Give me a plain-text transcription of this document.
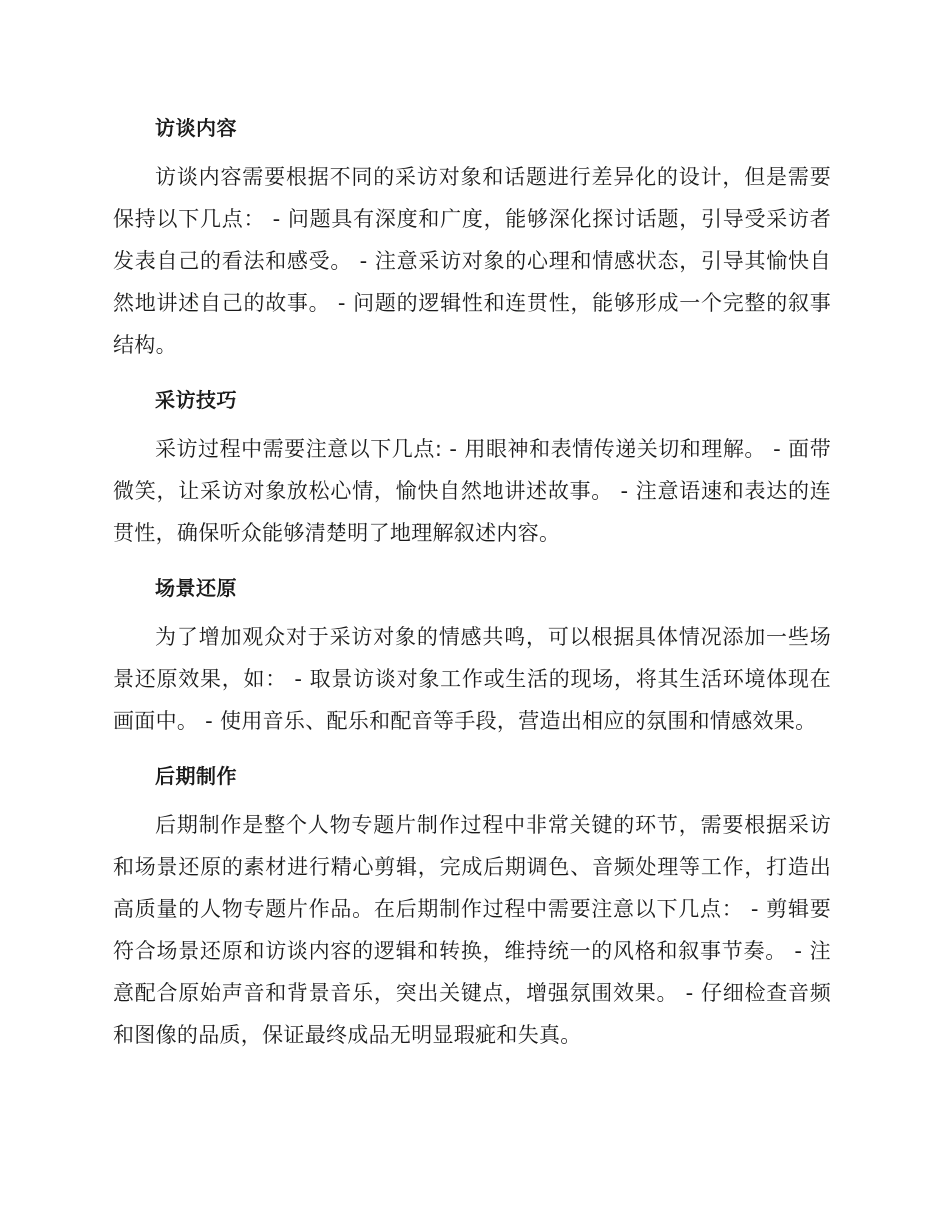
访谈内容

访谈内容需要根据不同的采访对象和话题进行差异化的设计，但是需要保持以下几点： - 问题具有深度和广度，能够深化探讨话题，引导受采访者发表自己的看法和感受。 - 注意采访对象的心理和情感状态，引导其愉快自然地讲述自己的故事。 - 问题的逻辑性和连贯性，能够形成一个完整的叙事结构。

采访技巧

采访过程中需要注意以下几点: - 用眼神和表情传递关切和理解。 - 面带微笑，让采访对象放松心情，愉快自然地讲述故事。 - 注意语速和表达的连贯性，确保听众能够清楚明了地理解叙述内容。

场景还原

为了增加观众对于采访对象的情感共鸣，可以根据具体情况添加一些场景还原效果，如： - 取景访谈对象工作或生活的现场，将其生活环境体现在画面中。 - 使用音乐、配乐和配音等手段，营造出相应的氛围和情感效果。

后期制作

后期制作是整个人物专题片制作过程中非常关键的环节，需要根据采访和场景还原的素材进行精心剪辑，完成后期调色、音频处理等工作，打造出高质量的人物专题片作品。在后期制作过程中需要注意以下几点： - 剪辑要符合场景还原和访谈内容的逻辑和转换，维持统一的风格和叙事节奏。 - 注意配合原始声音和背景音乐，突出关键点，增强氛围效果。 - 仔细检查音频和图像的品质，保证最终成品无明显瑕疵和失真。
